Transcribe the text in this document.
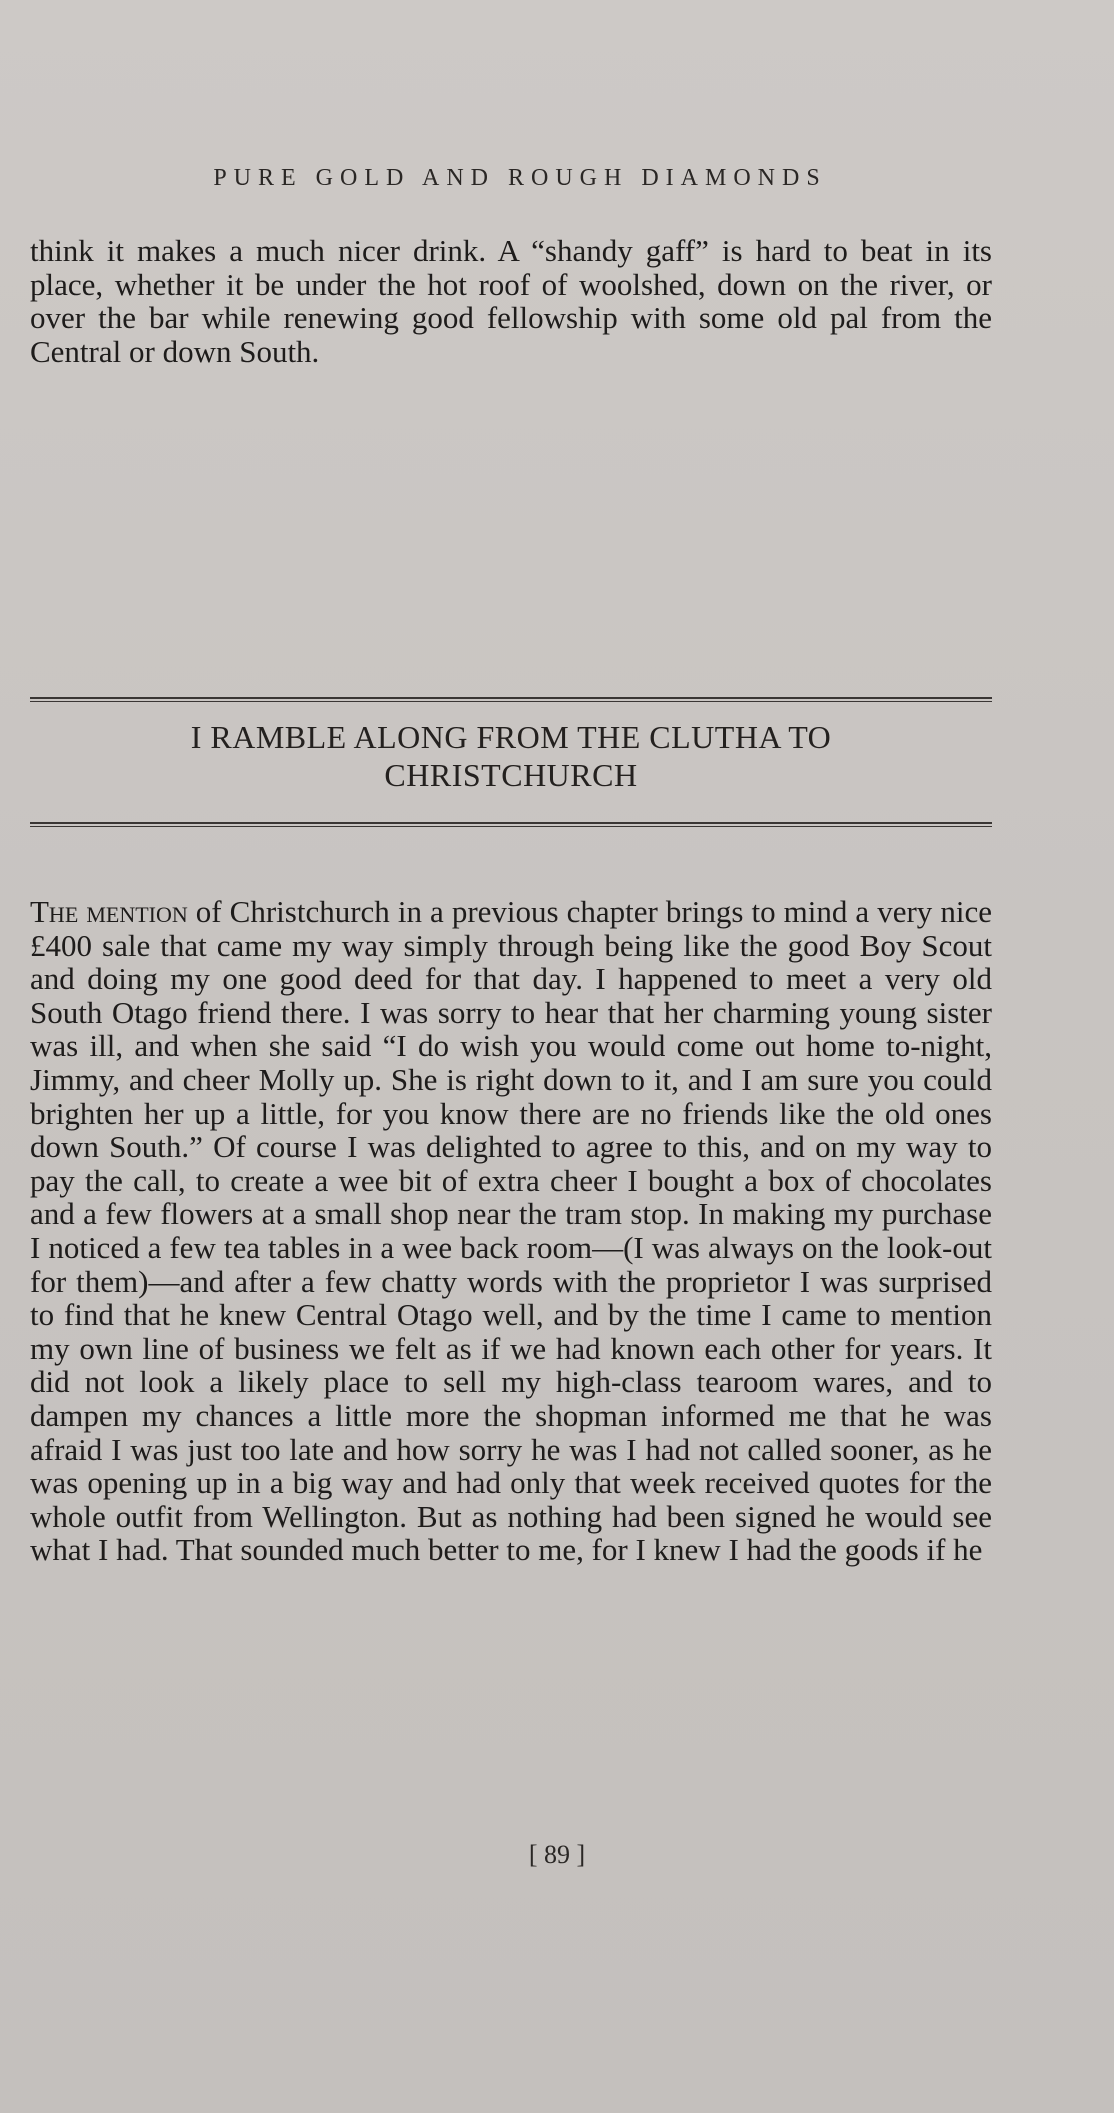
PURE GOLD AND ROUGH DIAMONDS

think it makes a much nicer drink. A “shandy gaff” is hard to beat in its place, whether it be under the hot roof of woolshed, down on the river, or over the bar while renewing good fellowship with some old pal from the Central or down South.

I RAMBLE ALONG FROM THE CLUTHA TO
CHRISTCHURCH

The mention of Christchurch in a previous chapter brings to mind a very nice £400 sale that came my way simply through being like the good Boy Scout and doing my one good deed for that day. I happened to meet a very old South Otago friend there. I was sorry to hear that her charming young sister was ill, and when she said “I do wish you would come out home to-night, Jimmy, and cheer Molly up. She is right down to it, and I am sure you could brighten her up a little, for you know there are no friends like the old ones down South.” Of course I was delighted to agree to this, and on my way to pay the call, to create a wee bit of extra cheer I bought a box of chocolates and a few flowers at a small shop near the tram stop. In making my purchase I noticed a few tea tables in a wee back room—(I was always on the look-out for them)—and after a few chatty words with the proprietor I was surprised to find that he knew Central Otago well, and by the time I came to mention my own line of business we felt as if we had known each other for years. It did not look a likely place to sell my high-class tearoom wares, and to dampen my chances a little more the shopman informed me that he was afraid I was just too late and how sorry he was I had not called sooner, as he was opening up in a big way and had only that week received quotes for the whole outfit from Wellington. But as nothing had been signed he would see what I had. That sounded much better to me, for I knew I had the goods if he

[ 89 ]
